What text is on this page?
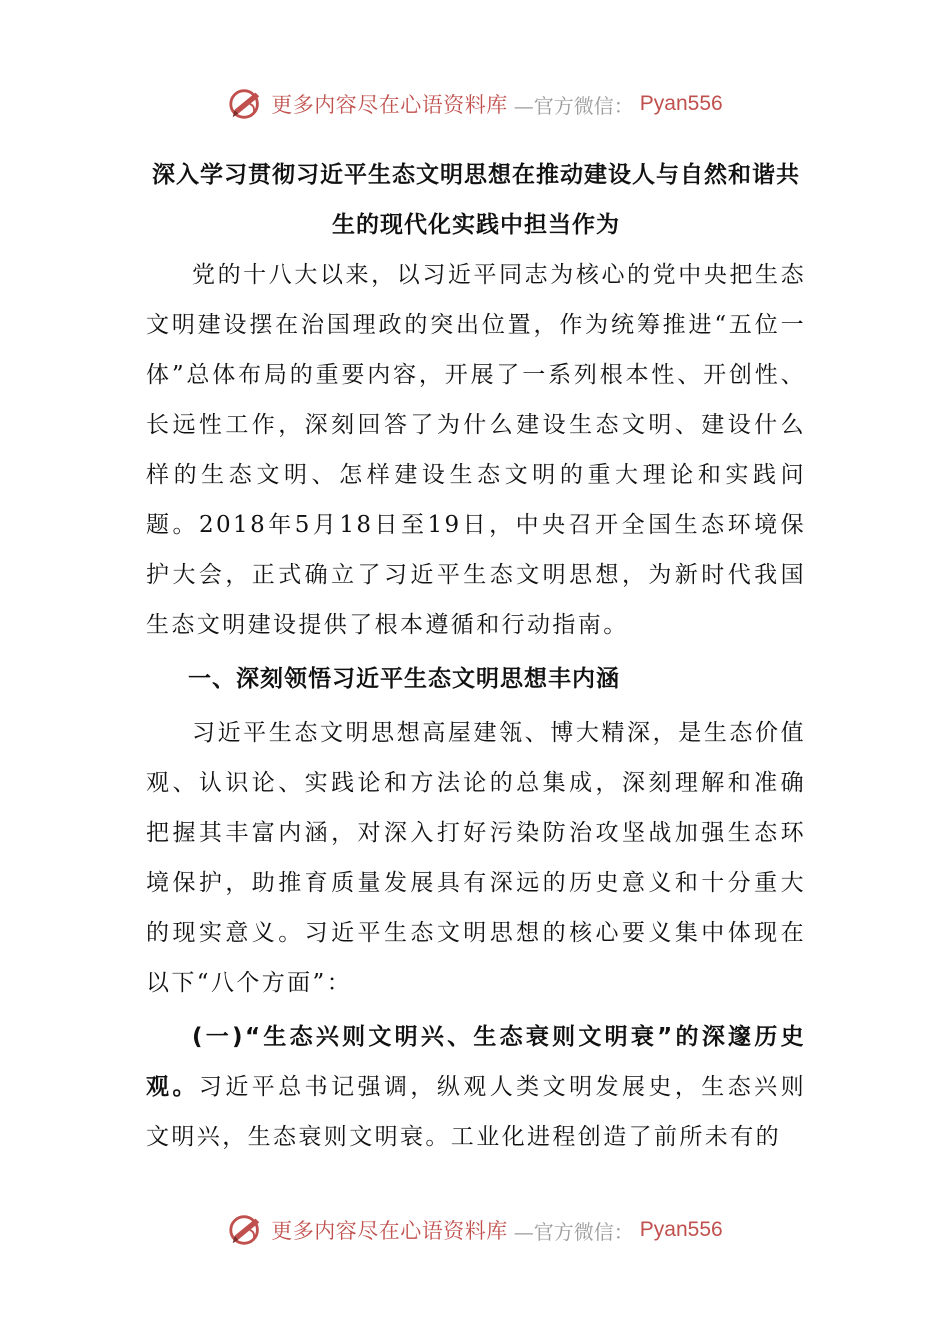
更多内容尽在心语资料库 —官方微信： Pyan556
深入学习贯彻习近平生态文明思想在推动建设人与自然和谐共生的现代化实践中担当作为

党的十八大以来，以习近平同志为核心的党中央把生态文明建设摆在治国理政的突出位置，作为统筹推进“五位一体”总体布局的重要内容，开展了一系列根本性、开创性、长远性工作，深刻回答了为什么建设生态文明、建设什么样的生态文明、怎样建设生态文明的重大理论和实践问题。2018年5月18日至19日，中央召开全国生态环境保护大会，正式确立了习近平生态文明思想，为新时代我国生态文明建设提供了根本遵循和行动指南。

一、深刻领悟习近平生态文明思想丰内涵

习近平生态文明思想高屋建瓴、博大精深，是生态价值观、认识论、实践论和方法论的总集成，深刻理解和准确把握其丰富内涵，对深入打好污染防治攻坚战加强生态环境保护，助推育质量发展具有深远的历史意义和十分重大的现实意义。习近平生态文明思想的核心要义集中体现在以下“八个方面”：

(一)“生态兴则文明兴、生态衰则文明衰”的深邃历史观。习近平总书记强调，纵观人类文明发展史，生态兴则文明兴，生态衰则文明衰。工业化进程创造了前所未有的

更多内容尽在心语资料库 —官方微信： Pyan556
